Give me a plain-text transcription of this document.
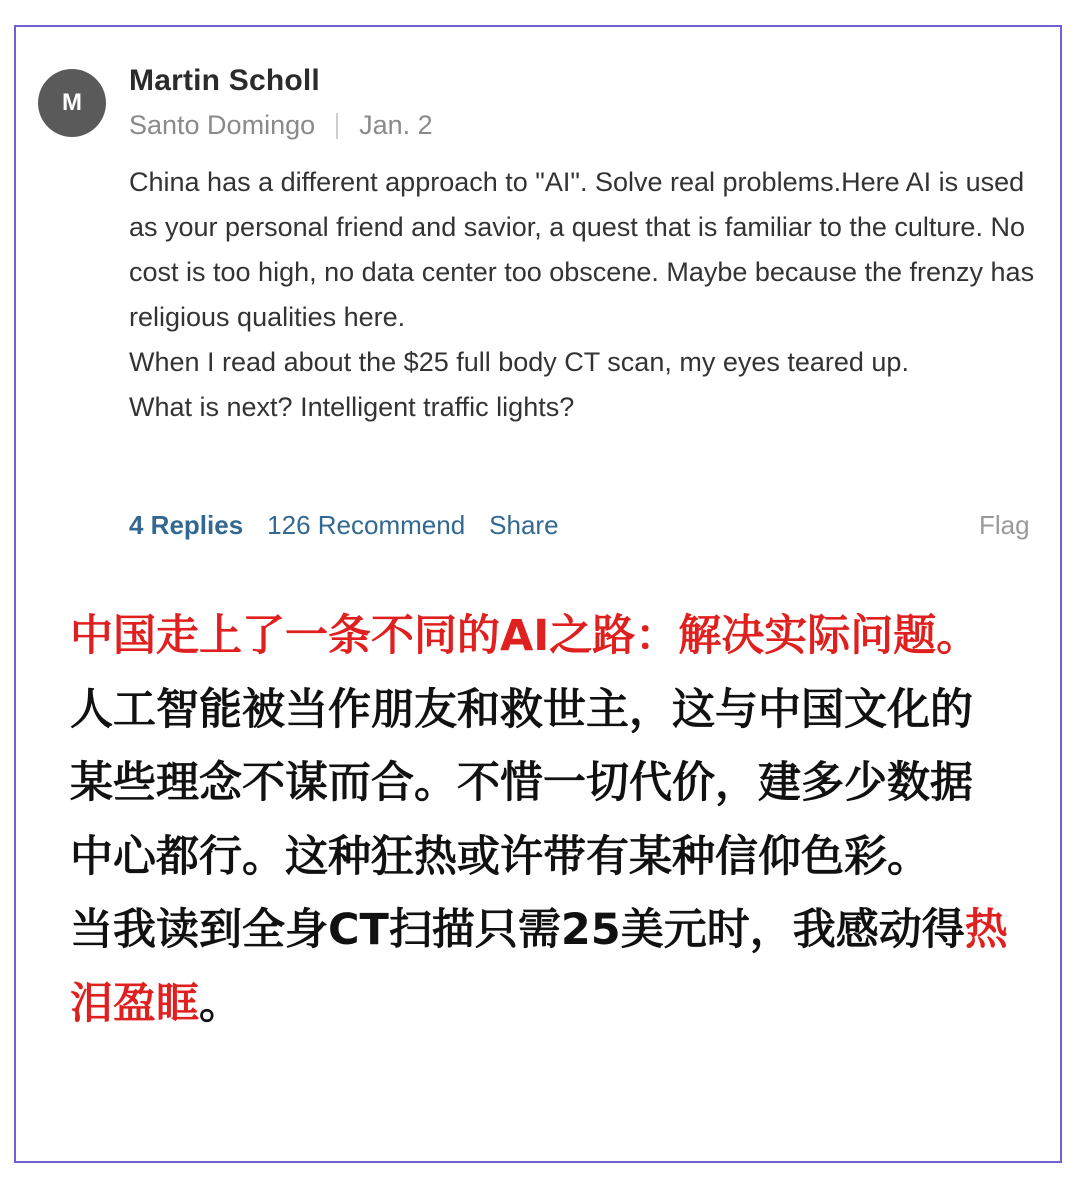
M
Martin Scholl
Santo Domingo Jan. 2

China has a different approach to "AI". Solve real problems.Here AI is used as your personal friend and savior, a quest that is familiar to the culture. No cost is too high, no data center too obscene. Maybe because the frenzy has religious qualities here.

When I read about the $25 full body CT scan, my eyes teared up.

What is next? Intelligent traffic lights?

4 Replies 126 Recommend Share	Flag

中国走上了一条不同的AI之路：解决实际问题。人工智能被当作朋友和救世主，这与中国文化的某些理念不谋而合。不惜一切代价，建多少数据中心都行。这种狂热或许带有某种信仰色彩。

当我读到全身CT扫描只需25美元时，我感动得热泪盈眶。
